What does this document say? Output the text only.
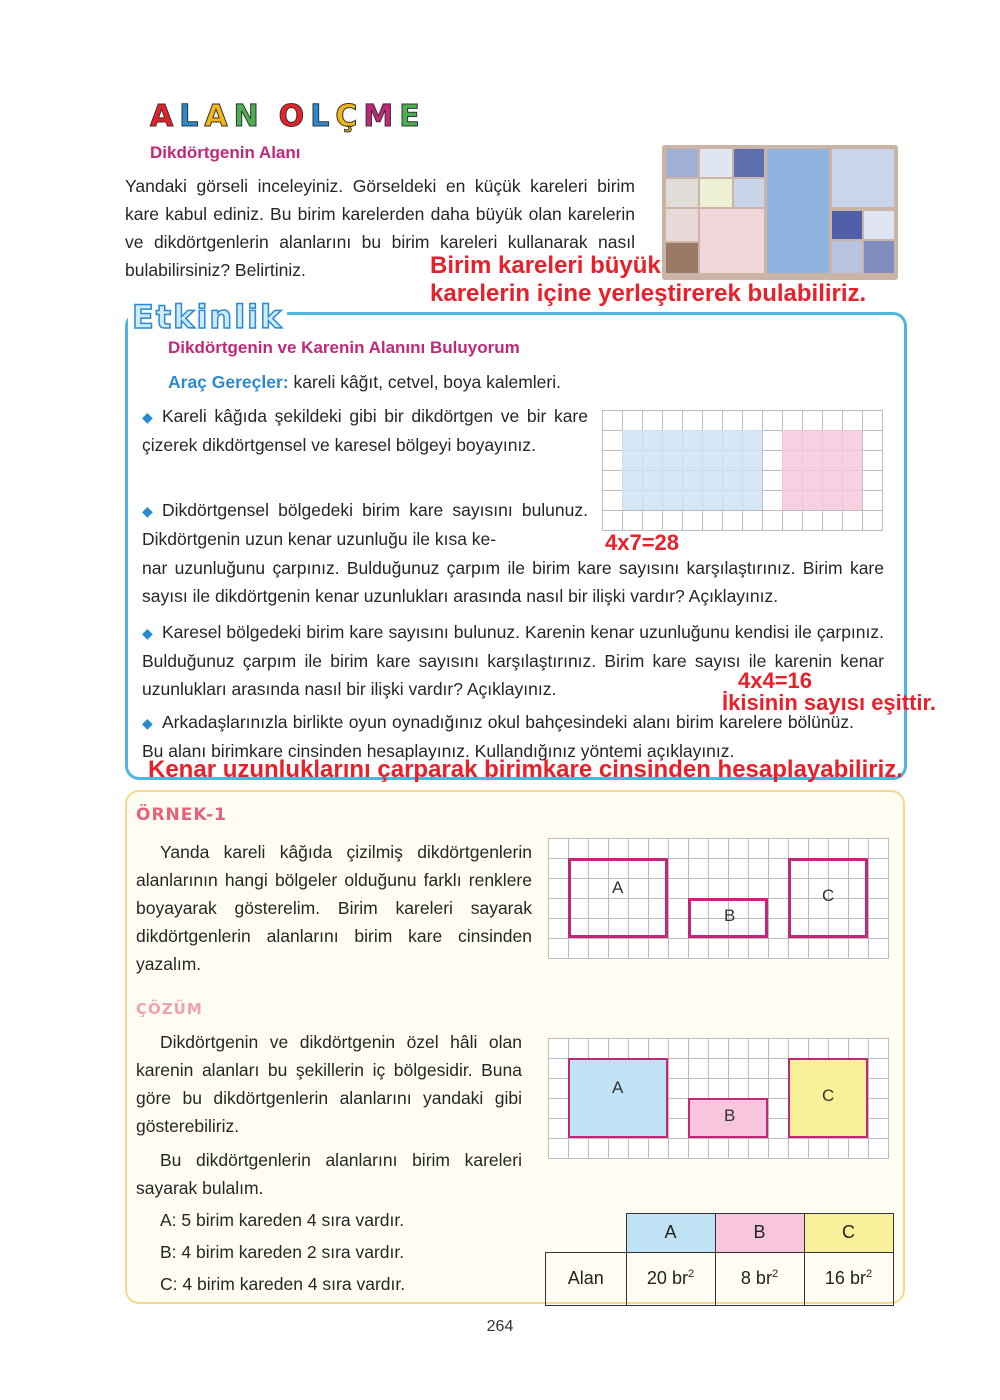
A L A N O L Ç M E
Dikdörtgenin Alanı
Yandaki görseli inceleyiniz. Görseldeki en küçük kareleri birim kare kabul ediniz. Bu birim karelerden daha büyük olan karelerin ve dikdörtgenlerin alanlarını bu birim kareleri kullanarak nasıl bulabilirsiniz? Belirtiniz.	Birim kareleri büyük
karelerin içine yerleştirerek bulabiliriz.
Etkinlik
Dikdörtgenin ve Karenin Alanını Buluyorum
Araç Gereçler: kareli kâğıt, cetvel, boya kalemleri.
◆ Kareli kâğıda şekildeki gibi bir dikdörtgen ve bir kare çizerek dikdörtgensel ve karesel bölgeyi boyayınız.
◆ Dikdörtgensel bölgedeki birim kare sayısını bulunuz. Dikdörtgenin uzun kenar uzunluğu ile kısa ke-	4x7=28
nar uzunluğunu çarpınız. Bulduğunuz çarpım ile birim kare sayısını karşılaştırınız. Birim kare sayısı ile dikdörtgenin kenar uzunlukları arasında nasıl bir ilişki vardır? Açıklayınız.
◆ Karesel bölgedeki birim kare sayısını bulunuz. Karenin kenar uzunluğunu kendisi ile çarpınız. Bulduğunuz çarpım ile birim kare sayısını karşılaştırınız. Birim kare sayısı ile karenin kenar uzunlukları arasında nasıl bir ilişki vardır? Açıklayınız.	4x4=16
İkisinin sayısı eşittir.
◆ Arkadaşlarınızla birlikte oyun oynadığınız okul bahçesindeki alanı birim karelere bölünüz. Bu alanı birimkare cinsinden hesaplayınız. Kullandığınız yöntemi açıklayınız.
Kenar uzunluklarını çarparak birimkare cinsinden hesaplayabiliriz.
ÖRNEK-1
Yanda kareli kâğıda çizilmiş dikdörtgenlerin alanlarının hangi bölgeler olduğunu farklı renklere boyayarak gösterelim. Birim kareleri sayarak dikdörtgenlerin alanlarını birim kare cinsinden yazalım.
A
B
C
ÇÖZÜM
Dikdörtgenin ve dikdörtgenin özel hâli olan karenin alanları bu şekillerin iç bölgesidir. Buna göre bu dikdörtgenlerin alanlarını yandaki gibi gösterebiliriz.
A
B
C
Bu dikdörtgenlerin alanlarını birim kareleri sayarak bulalım.
A: 5 birim kareden 4 sıra vardır.
B: 4 birim kareden 2 sıra vardır.
C: 4 birim kareden 4 sıra vardır.
	A	B	C
Alan	20 $br^2$	8 $br^2$	16 $br^2$
264
